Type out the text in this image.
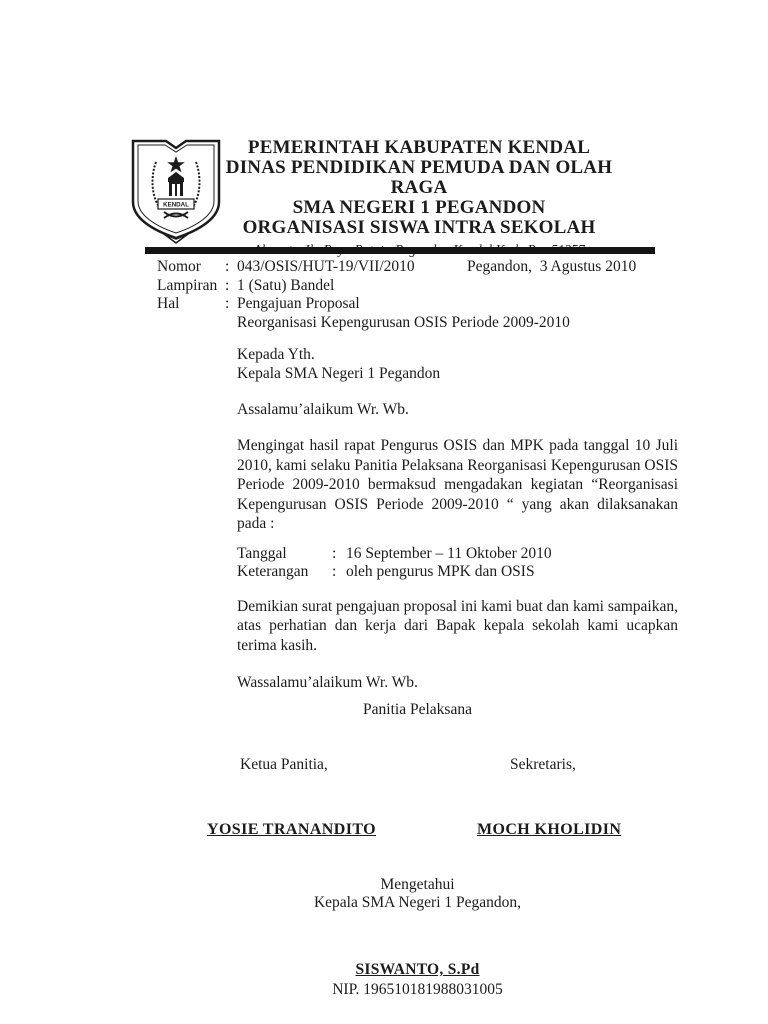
KENDAL
PEMERINTAH KABUPATEN KENDAL
DINAS PENDIDIKAN PEMUDA DAN OLAH RAGA
SMA NEGERI 1 PEGANDON
ORGANISASI SISWA INTRA SEKOLAH
Nomor	: 043/OSIS/HUT-19/VII/2010	Pegandon,  3 Agustus 2010
Lampiran : 1 (Satu) Bandel
Hal	: Pengajuan Proposal
Reorganisasi Kepengurusan OSIS Periode 2009-2010
Kepada Yth.
Kepala SMA Negeri 1 Pegandon
Assalamu’alaikum Wr. Wb.
Mengingat hasil rapat Pengurus OSIS dan MPK pada tanggal 10 Juli 2010, kami selaku Panitia Pelaksana Reorganisasi Kepengurusan OSIS Periode 2009-2010 bermaksud mengadakan kegiatan “Reorganisasi Kepengurusan OSIS Periode 2009-2010 “ yang akan dilaksanakan pada :
Tanggal	: 16 September – 11 Oktober 2010
Keterangan	: oleh pengurus MPK dan OSIS
Demikian surat pengajuan proposal ini kami buat dan kami sampaikan, atas perhatian dan kerja dari Bapak kepala sekolah kami ucapkan terima kasih.
Wassalamu’alaikum Wr. Wb.
Panitia Pelaksana
Ketua Panitia,	Sekretaris,
YOSIE TRANANDITO	MOCH KHOLIDIN
Mengetahui
Kepala SMA Negeri 1 Pegandon,
SISWANTO, S.Pd
NIP. 196510181988031005
